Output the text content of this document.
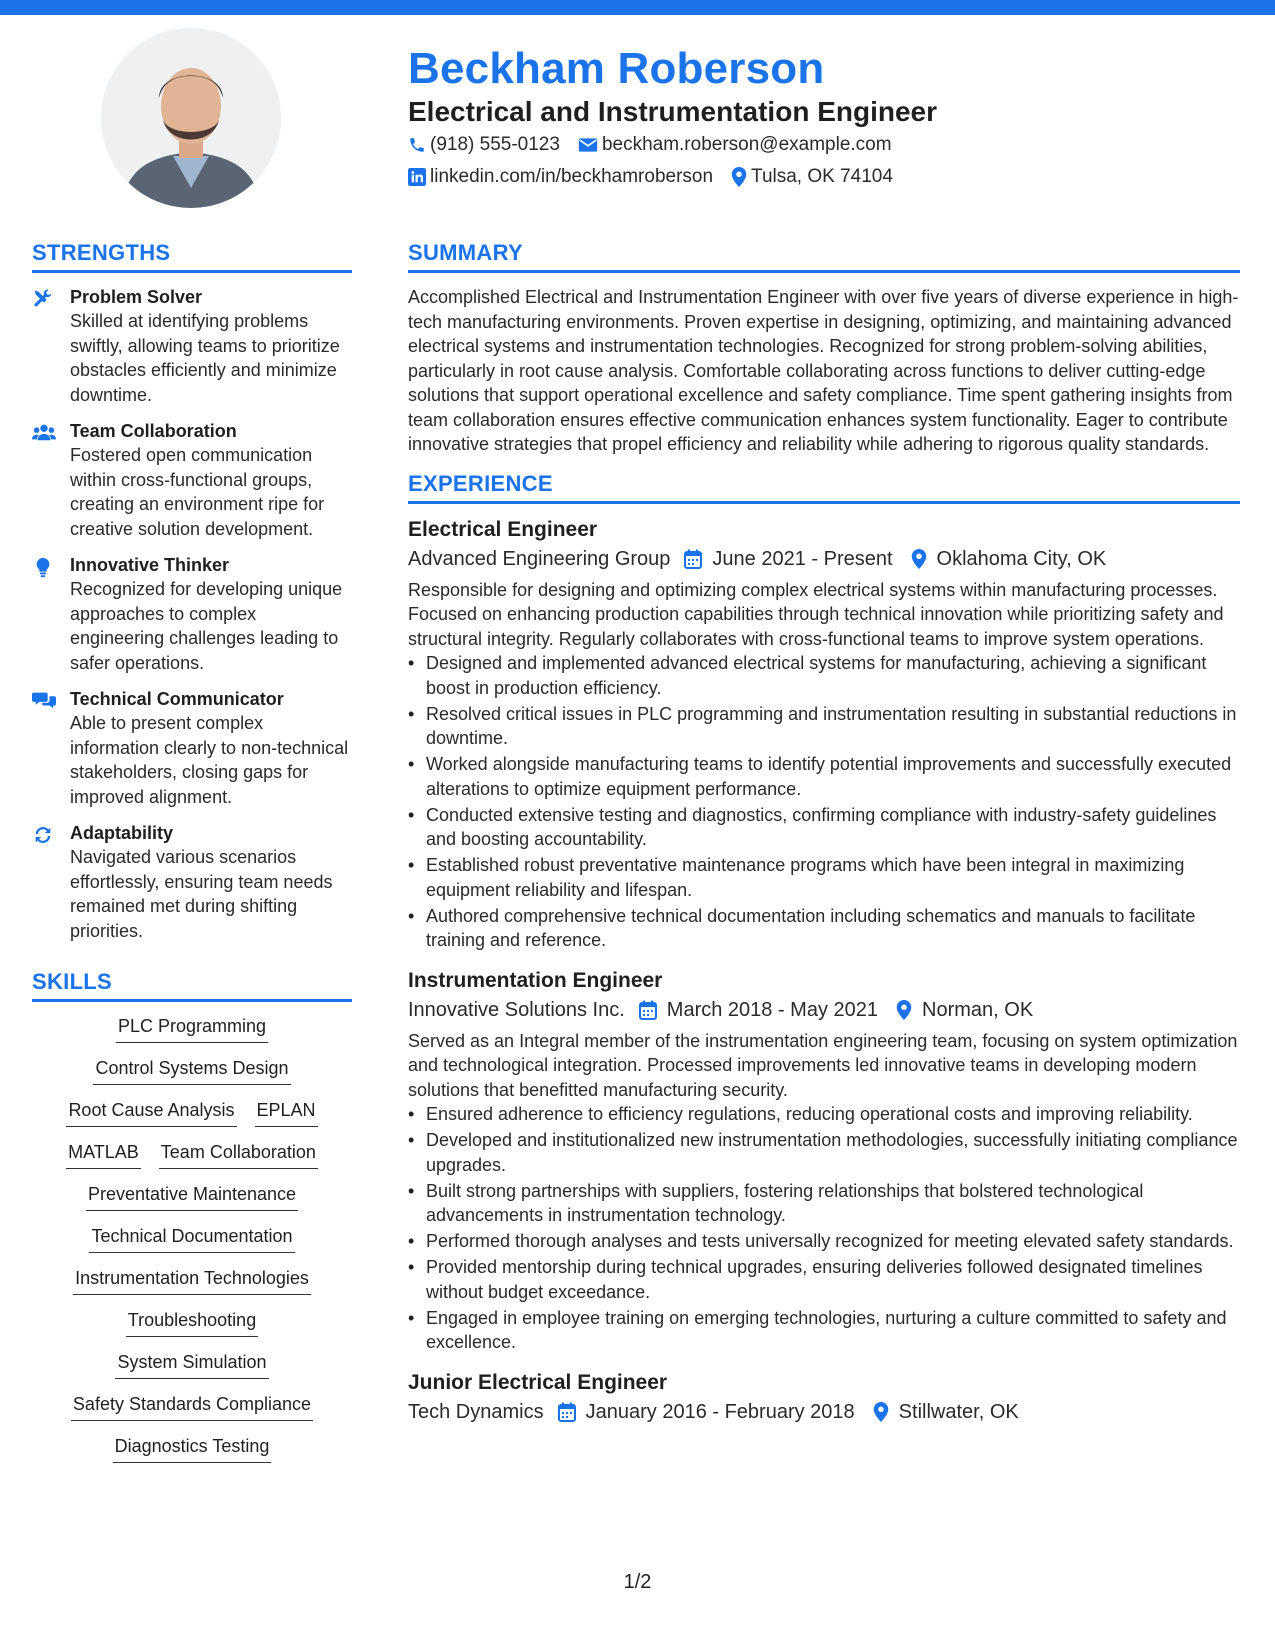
Beckham Roberson
Electrical and Instrumentation Engineer
(918) 555-0123 beckham.roberson@example.com
linkedin.com/in/beckhamroberson Tulsa, OK 74104
STRENGTHS
Problem Solver
Skilled at identifying problems swiftly, allowing teams to prioritize obstacles efficiently and minimize downtime.
Team Collaboration
Fostered open communication within cross-functional groups, creating an environment ripe for creative solution development.
Innovative Thinker
Recognized for developing unique approaches to complex engineering challenges leading to safer operations.
Technical Communicator
Able to present complex information clearly to non-technical stakeholders, closing gaps for improved alignment.
Adaptability
Navigated various scenarios effortlessly, ensuring team needs remained met during shifting priorities.
SKILLS
PLC Programming
Control Systems Design
Root Cause Analysis EPLAN
MATLAB Team Collaboration
Preventative Maintenance
Technical Documentation
Instrumentation Technologies
Troubleshooting
System Simulation
Safety Standards Compliance
Diagnostics Testing
SUMMARY

Accomplished Electrical and Instrumentation Engineer with over five years of diverse experience in high-tech manufacturing environments. Proven expertise in designing, optimizing, and maintaining advanced electrical systems and instrumentation technologies. Recognized for strong problem-solving abilities, particularly in root cause analysis. Comfortable collaborating across functions to deliver cutting-edge solutions that support operational excellence and safety compliance. Time spent gathering insights from team collaboration ensures effective communication enhances system functionality. Eager to contribute innovative strategies that propel efficiency and reliability while adhering to rigorous quality standards.

EXPERIENCE
Electrical Engineer
Advanced Engineering Group June 2021 - Present Oklahoma City, OK

Responsible for designing and optimizing complex electrical systems within manufacturing processes. Focused on enhancing production capabilities through technical innovation while prioritizing safety and structural integrity. Regularly collaborates with cross-functional teams to improve system operations.

• Designed and implemented advanced electrical systems for manufacturing, achieving a significant boost in production efficiency.
• Resolved critical issues in PLC programming and instrumentation resulting in substantial reductions in downtime.
• Worked alongside manufacturing teams to identify potential improvements and successfully executed alterations to optimize equipment performance.
• Conducted extensive testing and diagnostics, confirming compliance with industry-safety guidelines and boosting accountability.
• Established robust preventative maintenance programs which have been integral in maximizing equipment reliability and lifespan.
• Authored comprehensive technical documentation including schematics and manuals to facilitate training and reference.
Instrumentation Engineer
Innovative Solutions Inc. March 2018 - May 2021 Norman, OK

Served as an Integral member of the instrumentation engineering team, focusing on system optimization and technological integration. Processed improvements led innovative teams in developing modern solutions that benefitted manufacturing security.

• Ensured adherence to efficiency regulations, reducing operational costs and improving reliability.
• Developed and institutionalized new instrumentation methodologies, successfully initiating compliance upgrades.
• Built strong partnerships with suppliers, fostering relationships that bolstered technological advancements in instrumentation technology.
• Performed thorough analyses and tests universally recognized for meeting elevated safety standards.
• Provided mentorship during technical upgrades, ensuring deliveries followed designated timelines without budget exceedance.
• Engaged in employee training on emerging technologies, nurturing a culture committed to safety and excellence.
Junior Electrical Engineer
Tech Dynamics January 2016 - February 2018 Stillwater, OK
1/2
